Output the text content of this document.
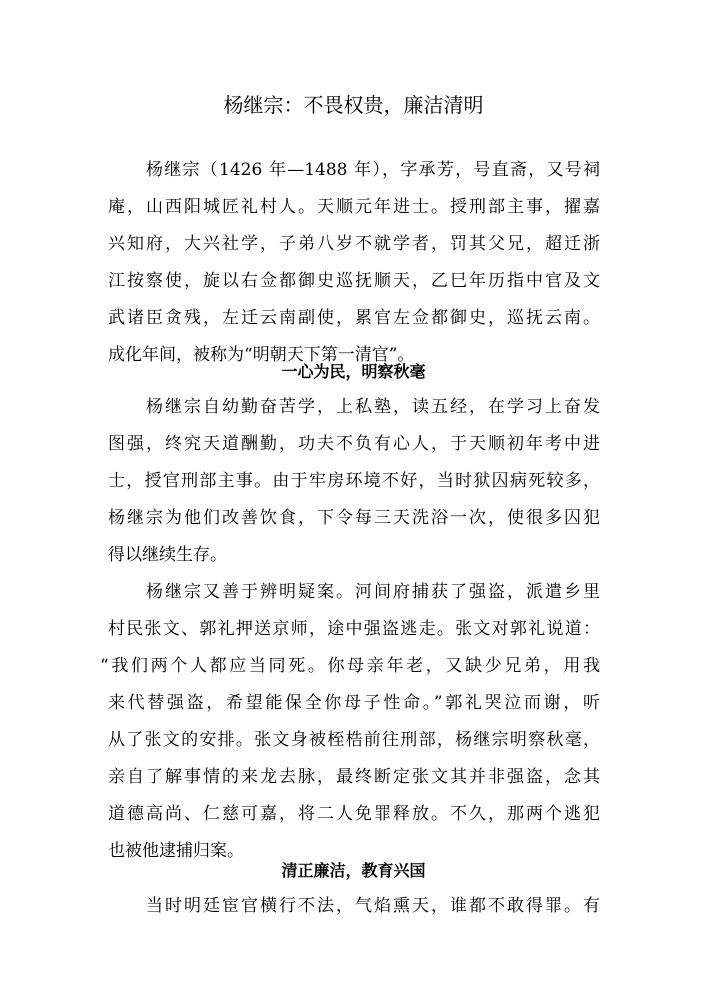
杨继宗：不畏权贵，廉洁清明
杨继宗（1426 年—1488 年），字承芳，号直斋，又号祠
庵，山西阳城匠礼村人。天顺元年进士。授刑部主事，擢嘉
兴知府，大兴社学，子弟八岁不就学者，罚其父兄，超迁浙
江按察使，旋以右佥都御史巡抚顺天，乙巳年历指中官及文
武诸臣贪残，左迁云南副使，累官左佥都御史，巡抚云南。
成化年间，被称为“明朝天下第一清官”。
一心为民，明察秋毫
杨继宗自幼勤奋苦学，上私塾，读五经，在学习上奋发
图强，终究天道酬勤，功夫不负有心人，于天顺初年考中进
士，授官刑部主事。由于牢房环境不好，当时狱囚病死较多，
杨继宗为他们改善饮食，下令每三天洗浴一次，使很多囚犯
得以继续生存。
杨继宗又善于辨明疑案。河间府捕获了强盗，派遣乡里
村民张文、郭礼押送京师，途中强盗逃走。张文对郭礼说道：
“我们两个人都应当同死。你母亲年老，又缺少兄弟，用我
来代替强盗，希望能保全你母子性命。”郭礼哭泣而谢，听
从了张文的安排。张文身被桎梏前往刑部，杨继宗明察秋毫，
亲自了解事情的来龙去脉，最终断定张文其并非强盗，念其
道德高尚、仁慈可嘉，将二人免罪释放。不久，那两个逃犯
也被他逮捕归案。
清正廉洁，教育兴国
当时明廷宦官横行不法，气焰熏天，谁都不敢得罪。有
